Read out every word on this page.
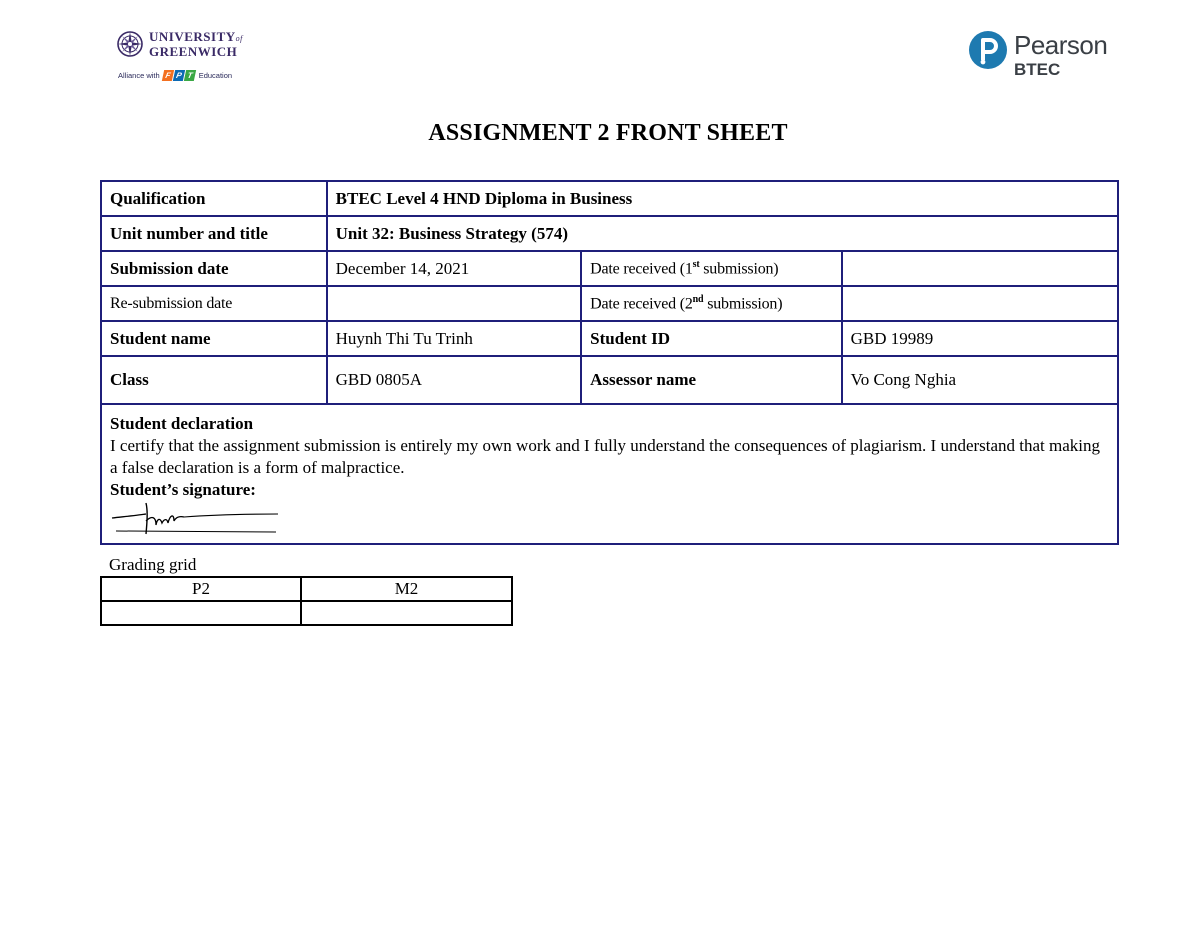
UNIVERSITYof
GREENWICH
Alliance with F P T Education
Pearson
BTEC
ASSIGNMENT 2 FRONT SHEET
Qualification	BTEC Level 4 HND Diploma in Business		
Unit number and title	Unit 32: Business Strategy (574)		
Submission date	December 14, 2021	Date received (1st submission)	
Re-submission date		Date received (2nd submission)	
Student name	Huynh Thi Tu Trinh	Student ID	GBD 19989
Class	GBD 0805A	Assessor name	Vo Cong Nghia

Student declaration
I certify that the assignment submission is entirely my own work and I fully understand the consequences of plagiarism. I understand that making a false declaration is a form of malpractice.
Student’s signature:			
Grading grid
P2	M2
